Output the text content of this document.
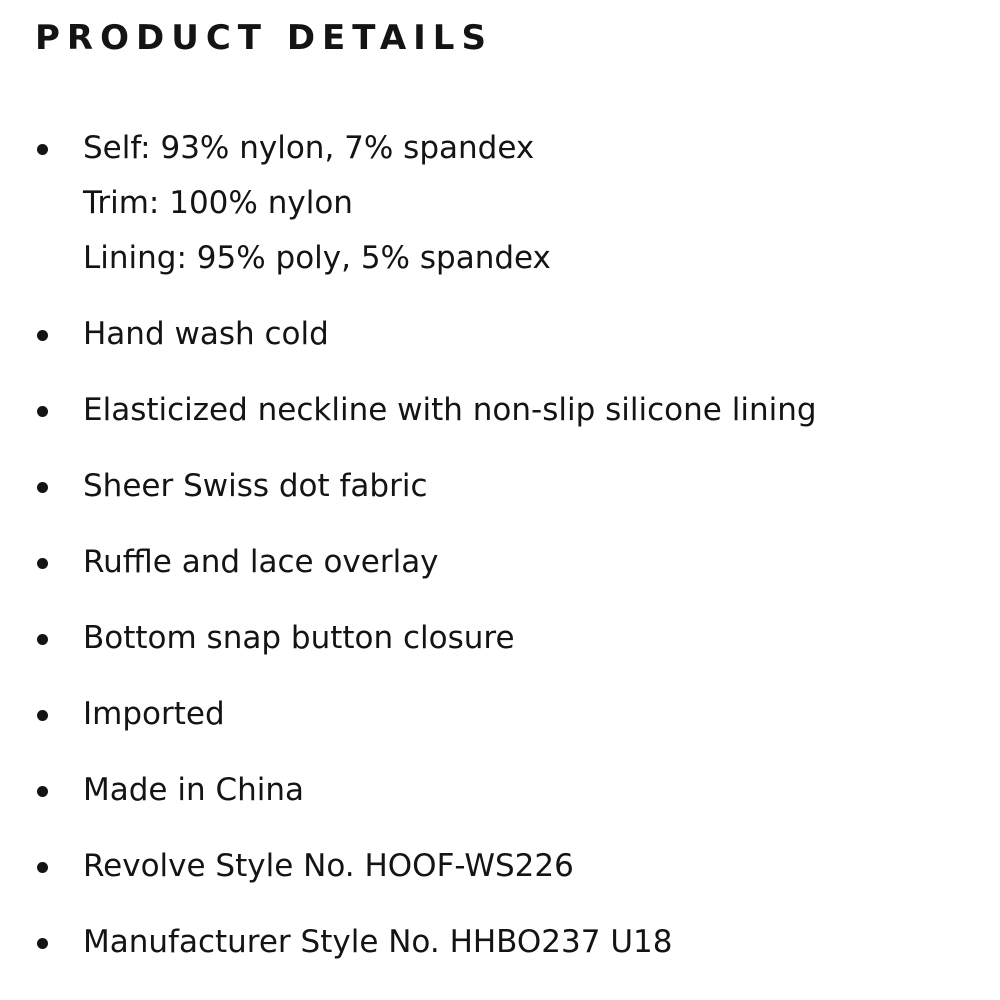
PRODUCT DETAILS
Self: 93% nylon, 7% spandex
Trim: 100% nylon
Lining: 95% poly, 5% spandex
Hand wash cold
Elasticized neckline with non-slip silicone lining
Sheer Swiss dot fabric
Ruffle and lace overlay
Bottom snap button closure
Imported
Made in China
Revolve Style No. HOOF-WS226
Manufacturer Style No. HHBO237 U18
